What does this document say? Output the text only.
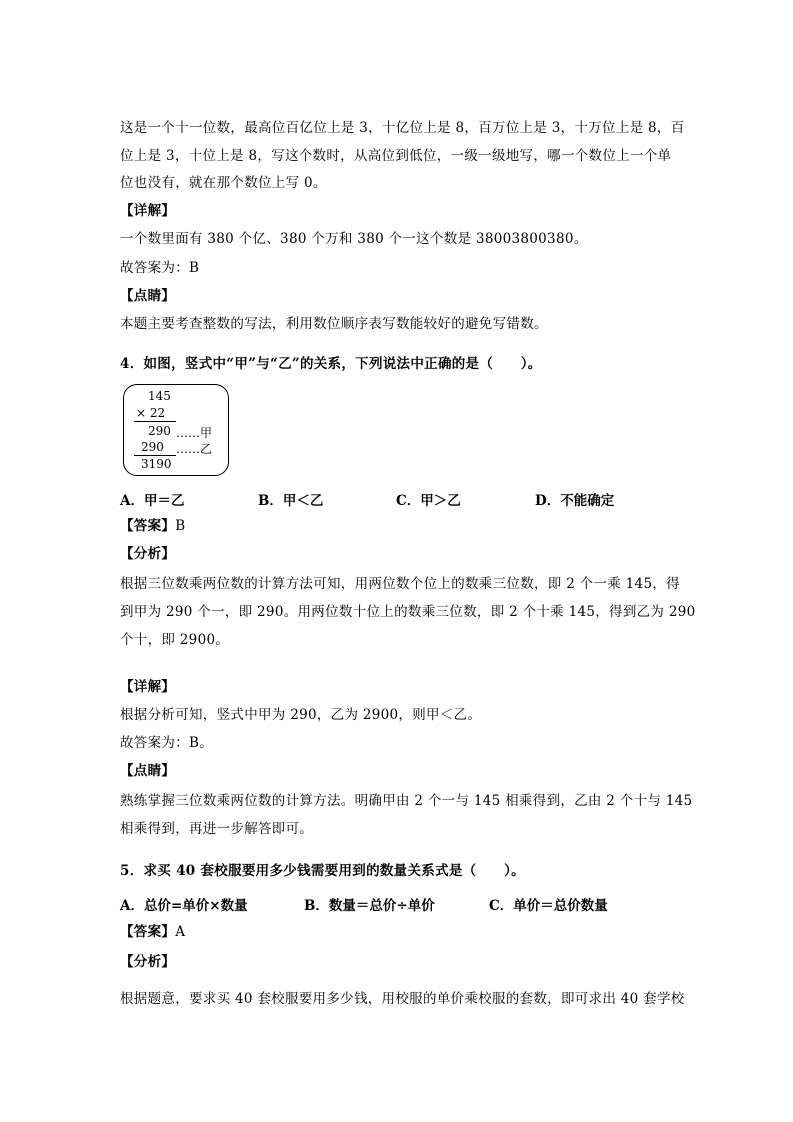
这是一个十一位数，最高位百亿位上是 3，十亿位上是 8，百万位上是 3，十万位上是 8，百
位上是 3，十位上是 8，写这个数时，从高位到低位，一级一级地写，哪一个数位上一个单
位也没有，就在那个数位上写 0。
【详解】
一个数里面有 380 个亿、380 个万和 380 个一这个数是 38003800380。
故答案为：B
【点睛】
本题主要考查整数的写法，利用数位顺序表写数能较好的避免写错数。
4．如图，竖式中“甲”与“乙”的关系，下列说法中正确的是（　　）。
145
× 22
290 ……甲
290 ……乙
3190
A．甲＝乙	B．甲＜乙	C．甲＞乙	D．不能确定
【答案】B
【分析】
根据三位数乘两位数的计算方法可知，用两位数个位上的数乘三位数，即 2 个一乘 145，得
到甲为 290 个一，即 290。用两位数十位上的数乘三位数，即 2 个十乘 145，得到乙为 290
个十，即 2900。
【详解】
根据分析可知，竖式中甲为 290，乙为 2900，则甲＜乙。
故答案为：B。
【点睛】
熟练掌握三位数乘两位数的计算方法。明确甲由 2 个一与 145 相乘得到，乙由 2 个十与 145
相乘得到，再进一步解答即可。
5．求买 40 套校服要用多少钱需要用到的数量关系式是（　　）。
A．总价=单价×数量	B．数量＝总价÷单价	C．单价＝总价数量
【答案】A
【分析】
根据题意，要求买 40 套校服要用多少钱，用校服的单价乘校服的套数，即可求出 40 套学校
